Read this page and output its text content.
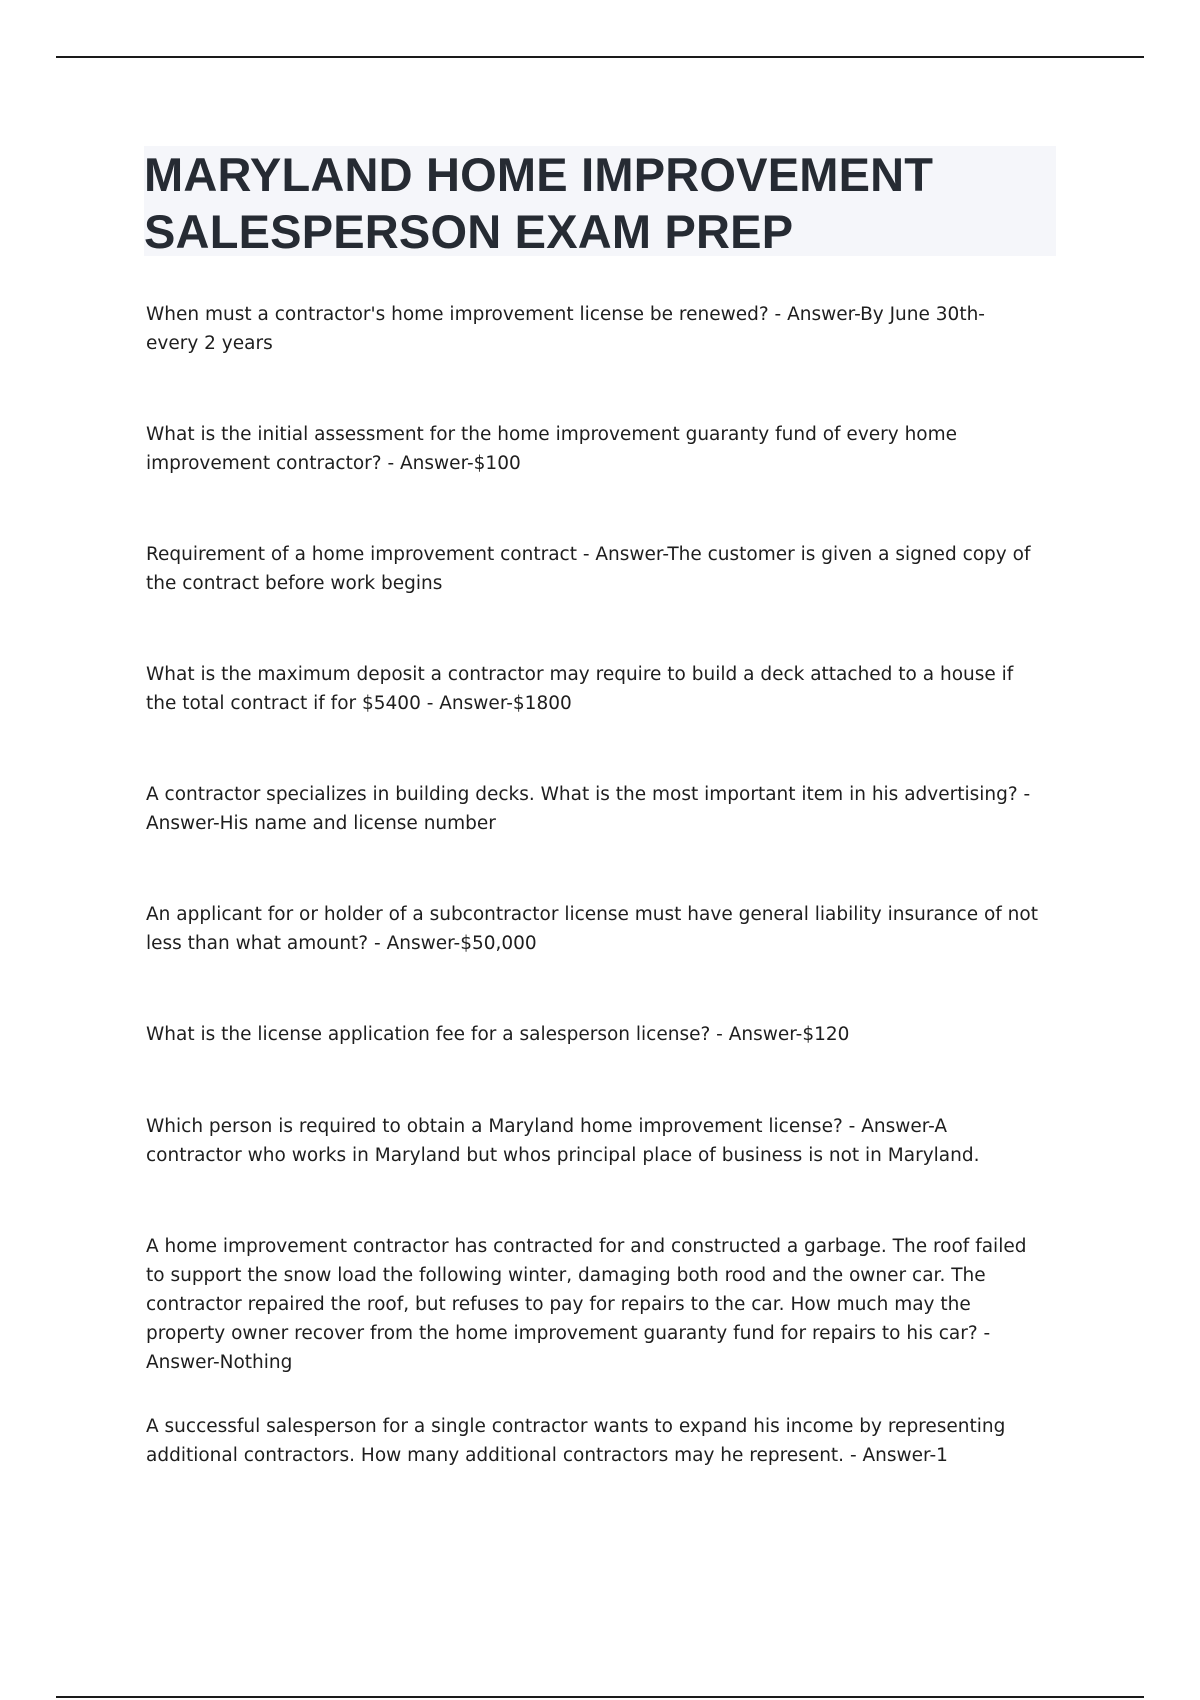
MARYLAND HOME IMPROVEMENT
SALESPERSON EXAM PREP

When must a contractor's home improvement license be renewed? - Answer-By June 30th- every 2 years

What is the initial assessment for the home improvement guaranty fund of every home improvement contractor? - Answer-$100

Requirement of a home improvement contract - Answer-The customer is given a signed copy of the contract before work begins

What is the maximum deposit a contractor may require to build a deck attached to a house if the total contract if for $5400 - Answer-$1800

A contractor specializes in building decks. What is the most important item in his advertising? - Answer-His name and license number

An applicant for or holder of a subcontractor license must have general liability insurance of not less than what amount? - Answer-$50,000

What is the license application fee for a salesperson license? - Answer-$120

Which person is required to obtain a Maryland home improvement license? - Answer-A contractor who works in Maryland but whos principal place of business is not in Maryland.

A home improvement contractor has contracted for and constructed a garbage. The roof failed to support the snow load the following winter, damaging both rood and the owner car. The contractor repaired the roof, but refuses to pay for repairs to the car. How much may the property owner recover from the home improvement guaranty fund for repairs to his car? - Answer-Nothing

A successful salesperson for a single contractor wants to expand his income by representing additional contractors. How many additional contractors may he represent. - Answer-1
